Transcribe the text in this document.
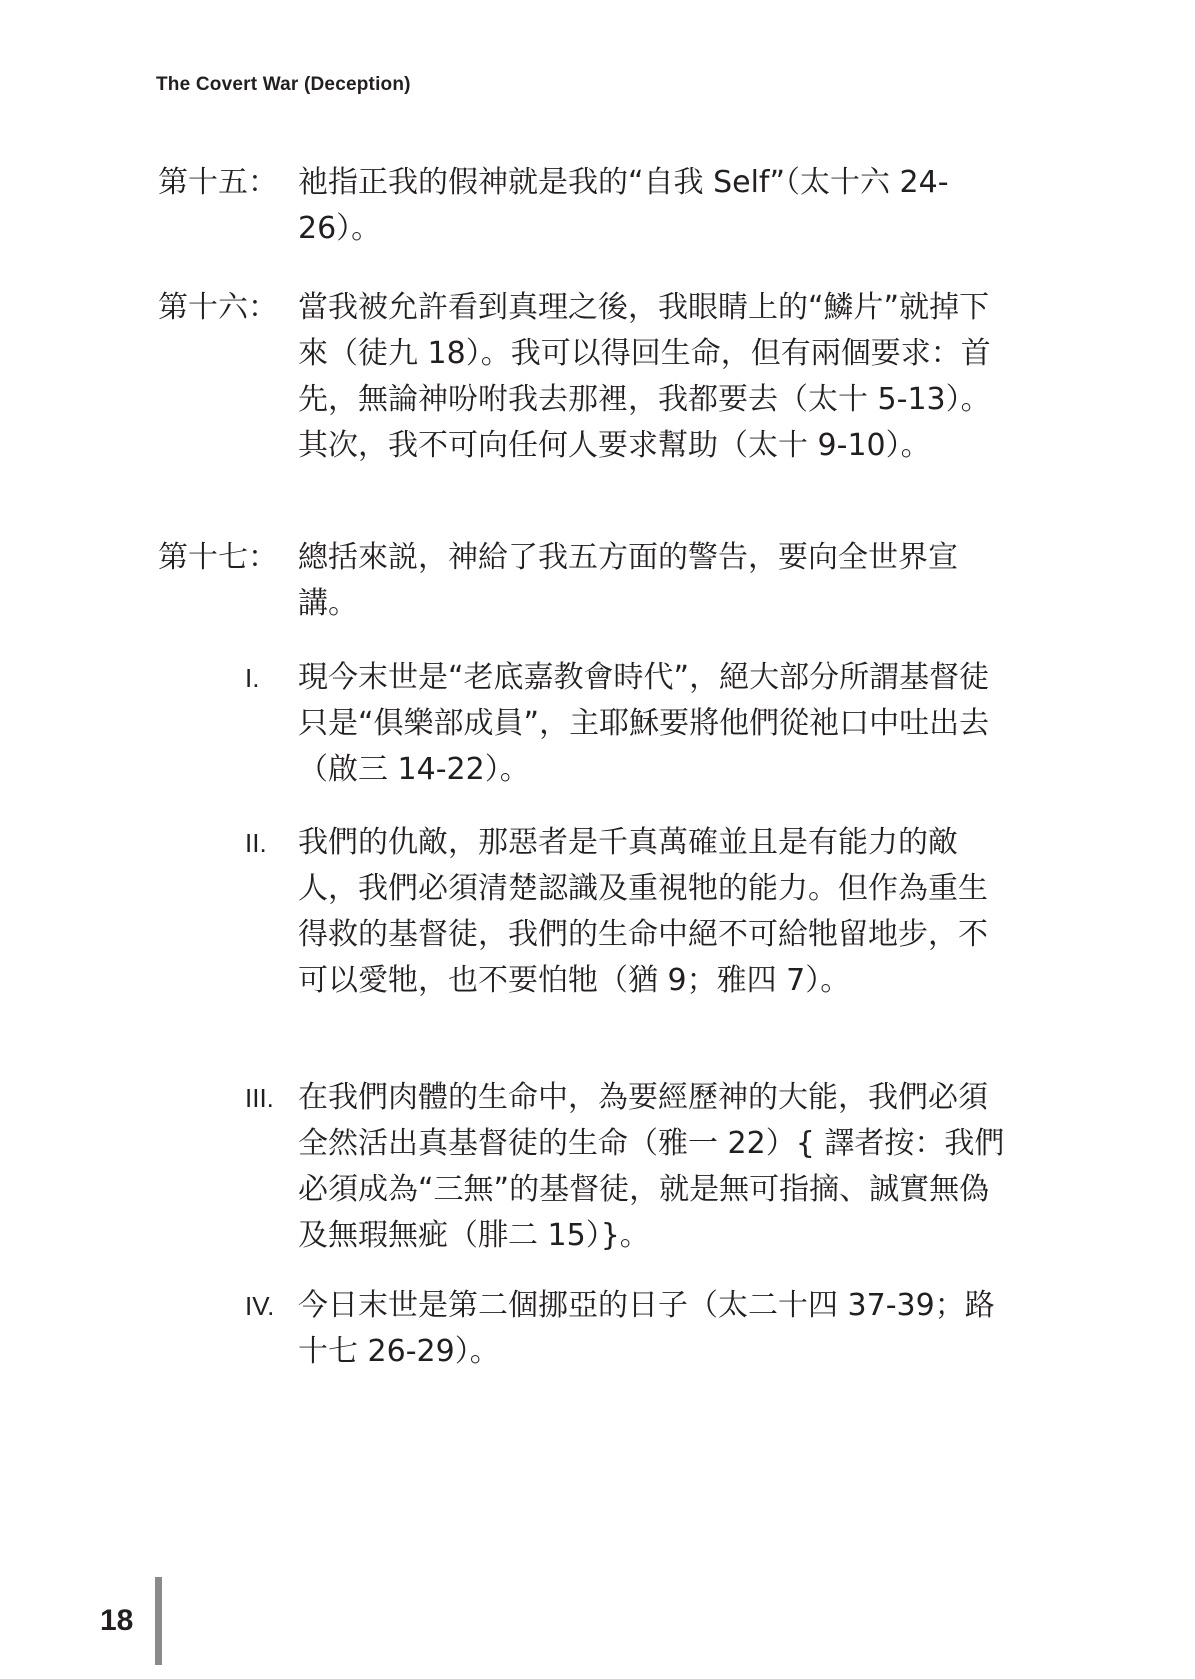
The Covert War (Deception)
第十五： 祂指正我的假神就是我的“自我 Self”（太十六 24-26）。
第十六： 當我被允許看到真理之後，我眼睛上的“鱗片”就掉下來（徒九 18）。我可以得回生命，但有兩個要求：首先，無論神吩咐我去那裡，我都要去（太十 5-13）。其次，我不可向任何人要求幫助（太十 9-10）。
第十七： 總括來説，神給了我五方面的警告，要向全世界宣講。
I. 現今末世是“老底嘉教會時代”，絕大部分所謂基督徒只是“俱樂部成員”，主耶穌要將他們從祂口中吐出去（啟三 14-22）。
II. 我們的仇敵，那惡者是千真萬確並且是有能力的敵人，我們必須清楚認識及重視牠的能力。但作為重生得救的基督徒，我們的生命中絕不可給牠留地步，不可以愛牠，也不要怕牠（猶 9；雅四 7）。
III. 在我們肉體的生命中，為要經歷神的大能，我們必須全然活出真基督徒的生命（雅一 22）{ 譯者按：我們必須成為“三無”的基督徒，就是無可指摘、誠實無偽及無瑕無疵（腓二 15）}。
IV. 今日末世是第二個挪亞的日子（太二十四 37-39；路十七 26-29）。
18
